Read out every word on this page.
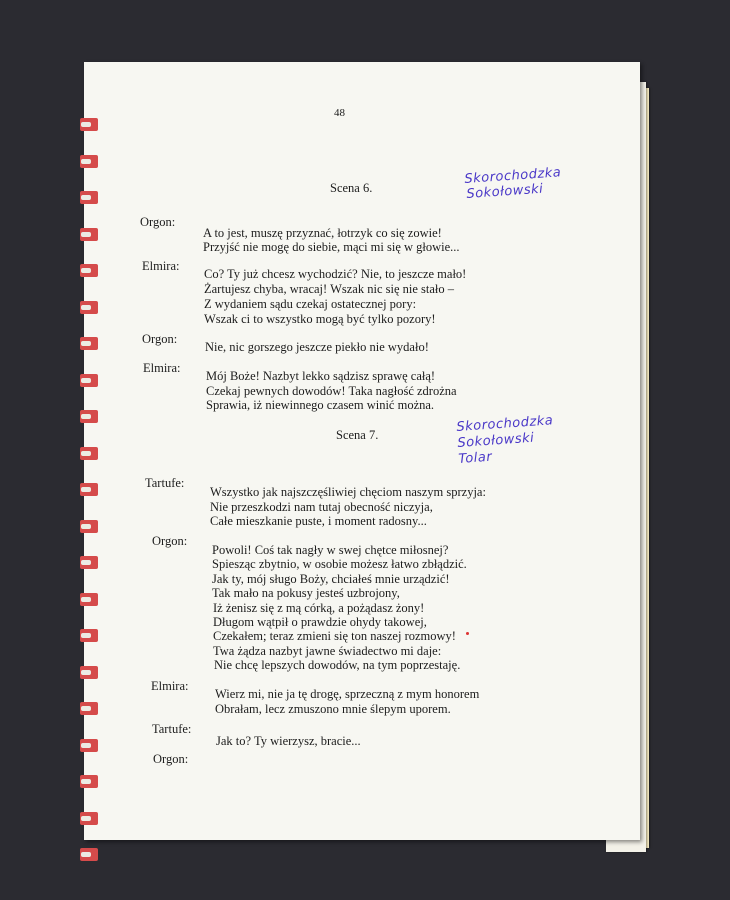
48
Scena 6.
Skorochodzka
Sokołowski
Orgon:
A to jest, muszę przyznać, łotrzyk co się zowie!
Przyjść nie mogę do siebie, mąci mi się w głowie...
Elmira:
Co? Ty już chcesz wychodzić? Nie, to jeszcze mało!
Żartujesz chyba, wracaj! Wszak nic się nie stało –
Z wydaniem sądu czekaj ostatecznej pory:
Wszak ci to wszystko mogą być tylko pozory!
Orgon:
Nie, nic gorszego jeszcze piekło nie wydało!
Elmira:
Mój Boże! Nazbyt lekko sądzisz sprawę całą!
Czekaj pewnych dowodów! Taka nagłość zdrożna
Sprawia, iż niewinnego czasem winić można.
Scena 7.
Skorochodzka
Sokołowski
Tolar
Tartufe:
Wszystko jak najszczęśliwiej chęciom naszym sprzyja:
Nie przeszkodzi nam tutaj obecność niczyja,
Całe mieszkanie puste, i moment radosny...
Orgon:
Powoli! Coś tak nagły w swej chętce miłosnej?
Spiesząc zbytnio, w osobie możesz łatwo zbłądzić.
Jak ty, mój sługo Boży, chciałeś mnie urządzić!
Tak mało na pokusy jesteś uzbrojony,
Iż żenisz się z mą córką, a pożądasz żony!
Długom wątpił o prawdzie ohydy takowej,
Czekałem; teraz zmieni się ton naszej rozmowy!
Twa żądza nazbyt jawne świadectwo mi daje:
Nie chcę lepszych dowodów, na tym poprzestaję.
Elmira:
Wierz mi, nie ja tę drogę, sprzeczną z mym honorem
Obrałam, lecz zmuszono mnie ślepym uporem.
Tartufe:
Jak to? Ty wierzysz, bracie...
Orgon:
